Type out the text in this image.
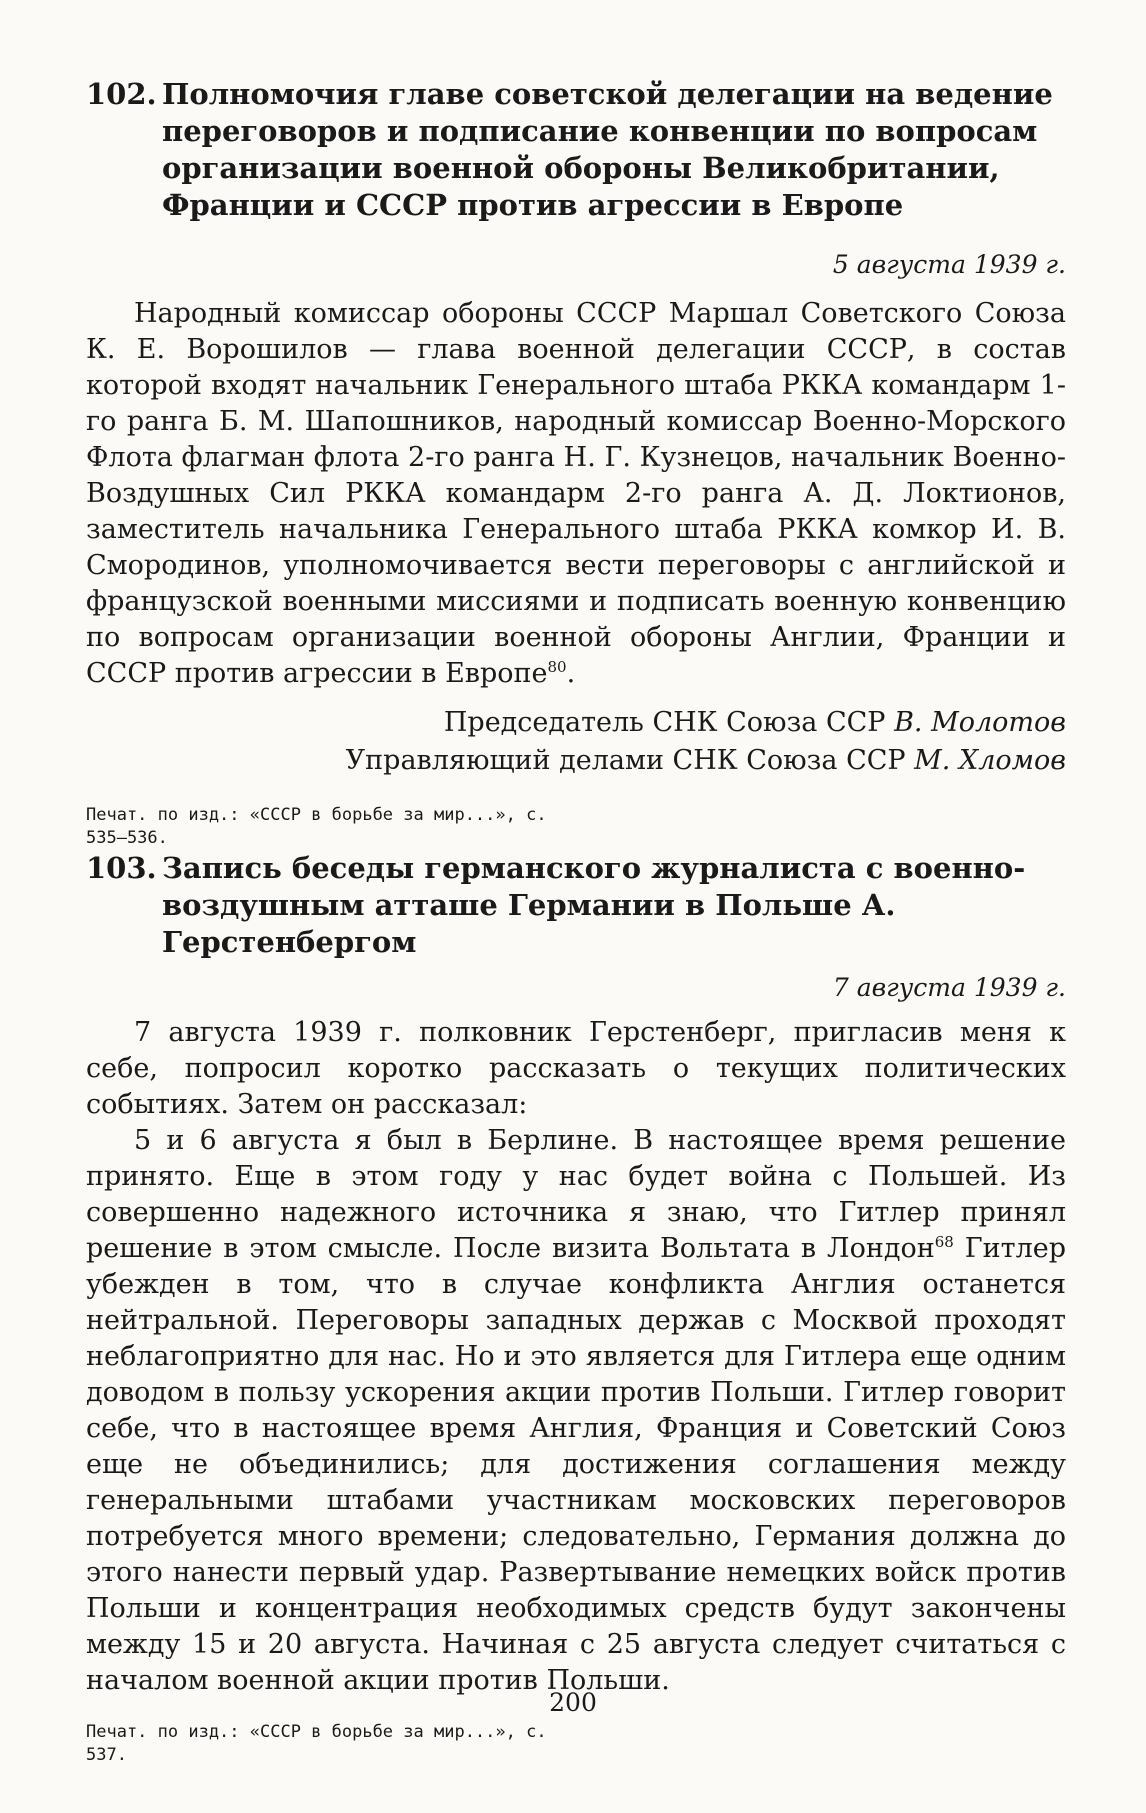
102. Полномочия главе советской делегации на ведение переговоров и подписание конвенции по вопросам организации военной обороны Великобритании, Франции и СССР против агрессии в Европе
5 августа 1939 г.

Народный комиссар обороны СССР Маршал Советского Союза К. Е. Ворошилов — глава военной делегации СССР, в состав которой входят начальник Генерального штаба РККА командарм 1-го ранга Б. М. Шапошников, народный комиссар Военно-Морского Флота флагман флота 2-го ранга Н. Г. Кузнецов, начальник Военно-Воздушных Сил РККА командарм 2-го ранга А. Д. Локтионов, заместитель начальника Генерального штаба РККА комкор И. В. Смородинов, уполномочивается вести переговоры с английской и французской военными миссиями и подписать военную конвенцию по вопросам организации военной обороны Англии, Франции и СССР против агрессии в Европе$^{80}$.

Председатель СНК Союза ССР В. Молотов
Управляющий делами СНК Союза ССР М. Хломов
Печат. по изд.: «СССР в борьбе за мир...», с. 535—536.
103. Запись беседы германского журналиста с военно-воздушным атташе Германии в Польше А. Герстенбергом
7 августа 1939 г.

7 августа 1939 г. полковник Герстенберг, пригласив меня к себе, попросил коротко рассказать о текущих политических событиях. Затем он рассказал:

5 и 6 августа я был в Берлине. В настоящее время решение принято. Еще в этом году у нас будет война с Польшей. Из совершенно надежного источника я знаю, что Гитлер принял решение в этом смысле. После визита Вольтата в Лондон$^{68}$ Гитлер убежден в том, что в случае конфликта Англия останется нейтральной. Переговоры западных держав с Москвой проходят неблагоприятно для нас. Но и это является для Гитлера еще одним доводом в пользу ускорения акции против Польши. Гитлер говорит себе, что в настоящее время Англия, Франция и Советский Союз еще не объединились; для достижения соглашения между генеральными штабами участникам московских переговоров потребуется много времени; следовательно, Германия должна до этого нанести первый удар. Развертывание немецких войск против Польши и концентрация необходимых средств будут закончены между 15 и 20 августа. Начиная с 25 августа следует считаться с началом военной акции против Польши.

Печат. по изд.: «СССР в борьбе за мир...», с. 537.
200
